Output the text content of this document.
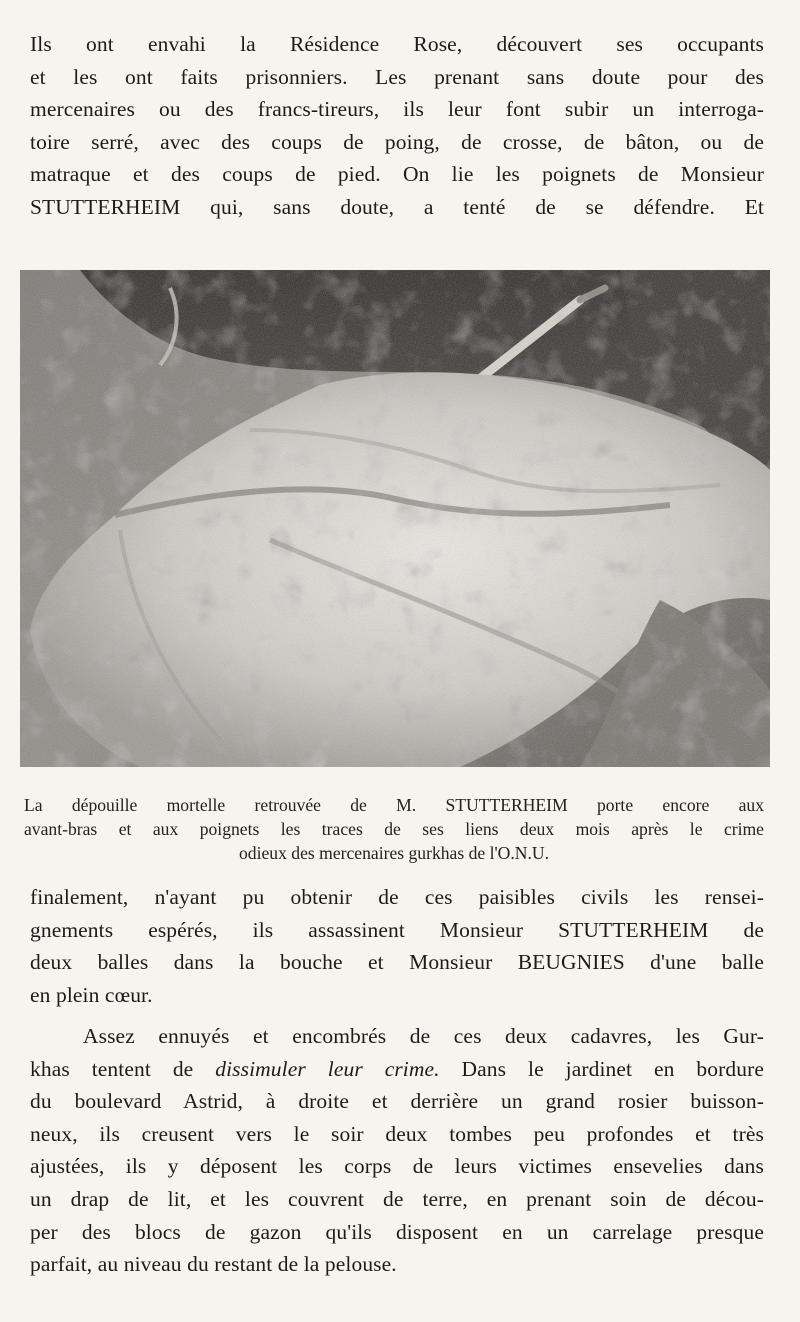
Ils ont envahi la Résidence Rose, découvert ses occupants
et les ont faits prisonniers. Les prenant sans doute pour des
mercenaires ou des francs-tireurs, ils leur font subir un interroga-
toire serré, avec des coups de poing, de crosse, de bâton, ou de
matraque et des coups de pied. On lie les poignets de Monsieur
STUTTERHEIM qui, sans doute, a tenté de se défendre. Et

La dépouille mortelle retrouvée de M. STUTTERHEIM porte encore aux
avant-bras et aux poignets les traces de ses liens deux mois après le crime
odieux des mercenaires gurkhas de l'O.N.U.

finalement, n'ayant pu obtenir de ces paisibles civils les rensei-
gnements espérés, ils assassinent Monsieur STUTTERHEIM de
deux balles dans la bouche et Monsieur BEUGNIES d'une balle
en plein cœur.

Assez ennuyés et encombrés de ces deux cadavres, les Gur-
khas tentent de dissimuler leur crime. Dans le jardinet en bordure
du boulevard Astrid, à droite et derrière un grand rosier buisson-
neux, ils creusent vers le soir deux tombes peu profondes et très
ajustées, ils y déposent les corps de leurs victimes ensevelies dans
un drap de lit, et les couvrent de terre, en prenant soin de décou-
per des blocs de gazon qu'ils disposent en un carrelage presque
parfait, au niveau du restant de la pelouse.
